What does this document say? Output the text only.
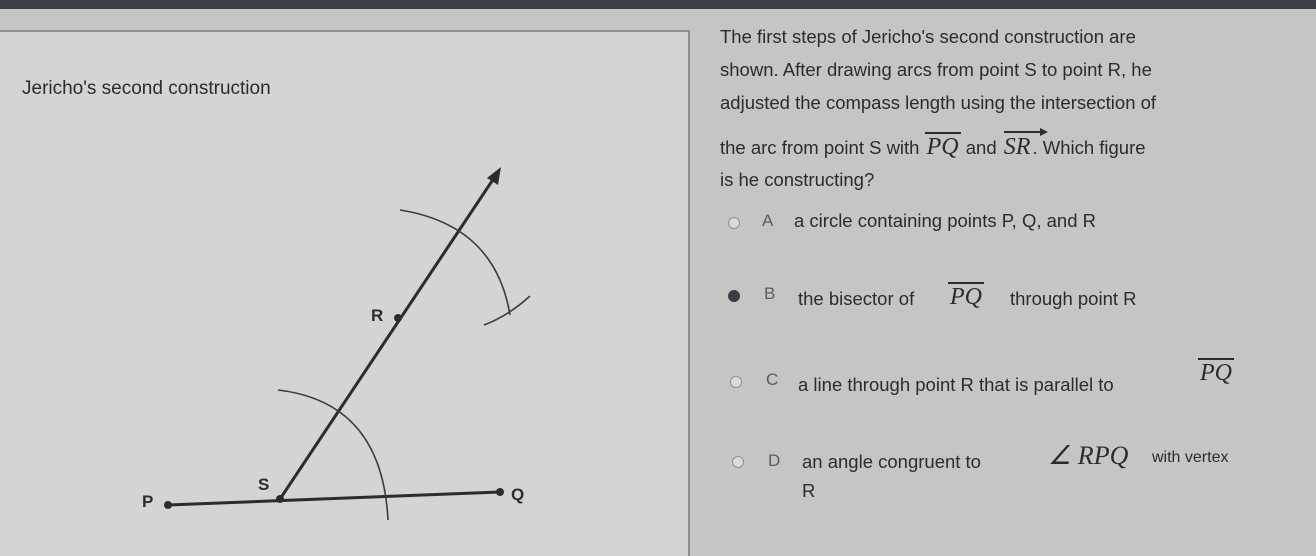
Jericho's second construction
P
S
Q
R
The first steps of Jericho's second construction are
shown. After drawing arcs from point S to point R, he
adjusted the compass length using the intersection of
the arc from point S with PQ and SR . Which figure
is he constructing?
A a circle containing points P, Q, and R
B the bisector of PQ through point R
C a line through point R that is parallel to	PQ
D an angle congruent to	∠ RPQ with vertex
R
